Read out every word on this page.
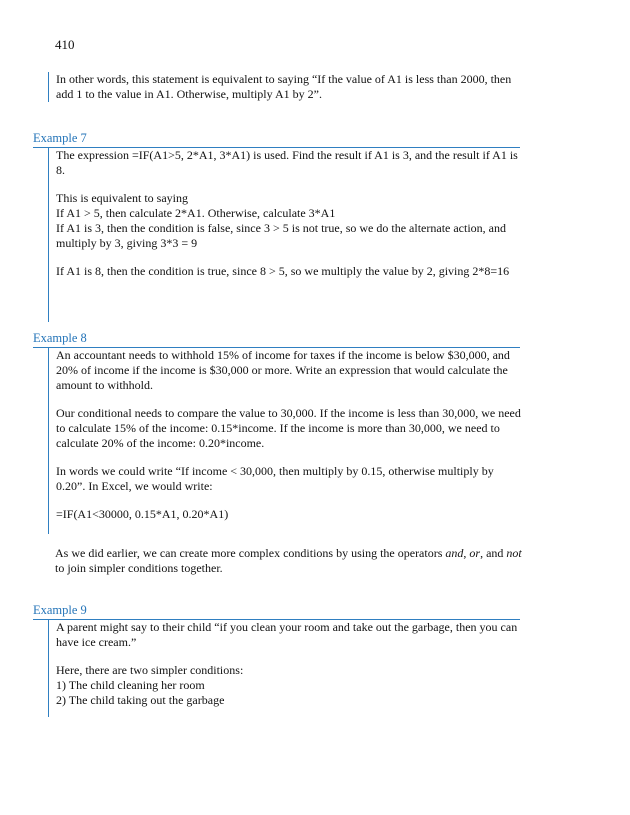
410

In other words, this statement is equivalent to saying “If the value of A1 is less than 2000, then add 1 to the value in A1. Otherwise, multiply A1 by 2”.

Example 7

The expression =IF(A1>5, 2*A1, 3*A1) is used. Find the result if A1 is 3, and the result if A1 is 8.

This is equivalent to saying

If A1 > 5, then calculate 2*A1. Otherwise, calculate 3*A1

If A1 is 3, then the condition is false, since 3 > 5 is not true, so we do the alternate action, and multiply by 3, giving 3*3 = 9

If A1 is 8, then the condition is true, since 8 > 5, so we multiply the value by 2, giving 2*8=16

Example 8

An accountant needs to withhold 15% of income for taxes if the income is below $30,000, and 20% of income if the income is $30,000 or more. Write an expression that would calculate the amount to withhold.

Our conditional needs to compare the value to 30,000. If the income is less than 30,000, we need to calculate 15% of the income: 0.15*income. If the income is more than 30,000, we need to calculate 20% of the income: 0.20*income.

In words we could write “If income < 30,000, then multiply by 0.15, otherwise multiply by 0.20”. In Excel, we would write:

=IF(A1<30000, 0.15*A1, 0.20*A1)

As we did earlier, we can create more complex conditions by using the operators and, or, and not to join simpler conditions together.

Example 9

A parent might say to their child “if you clean your room and take out the garbage, then you can have ice cream.”

Here, there are two simpler conditions:

1) The child cleaning her room

2) The child taking out the garbage
